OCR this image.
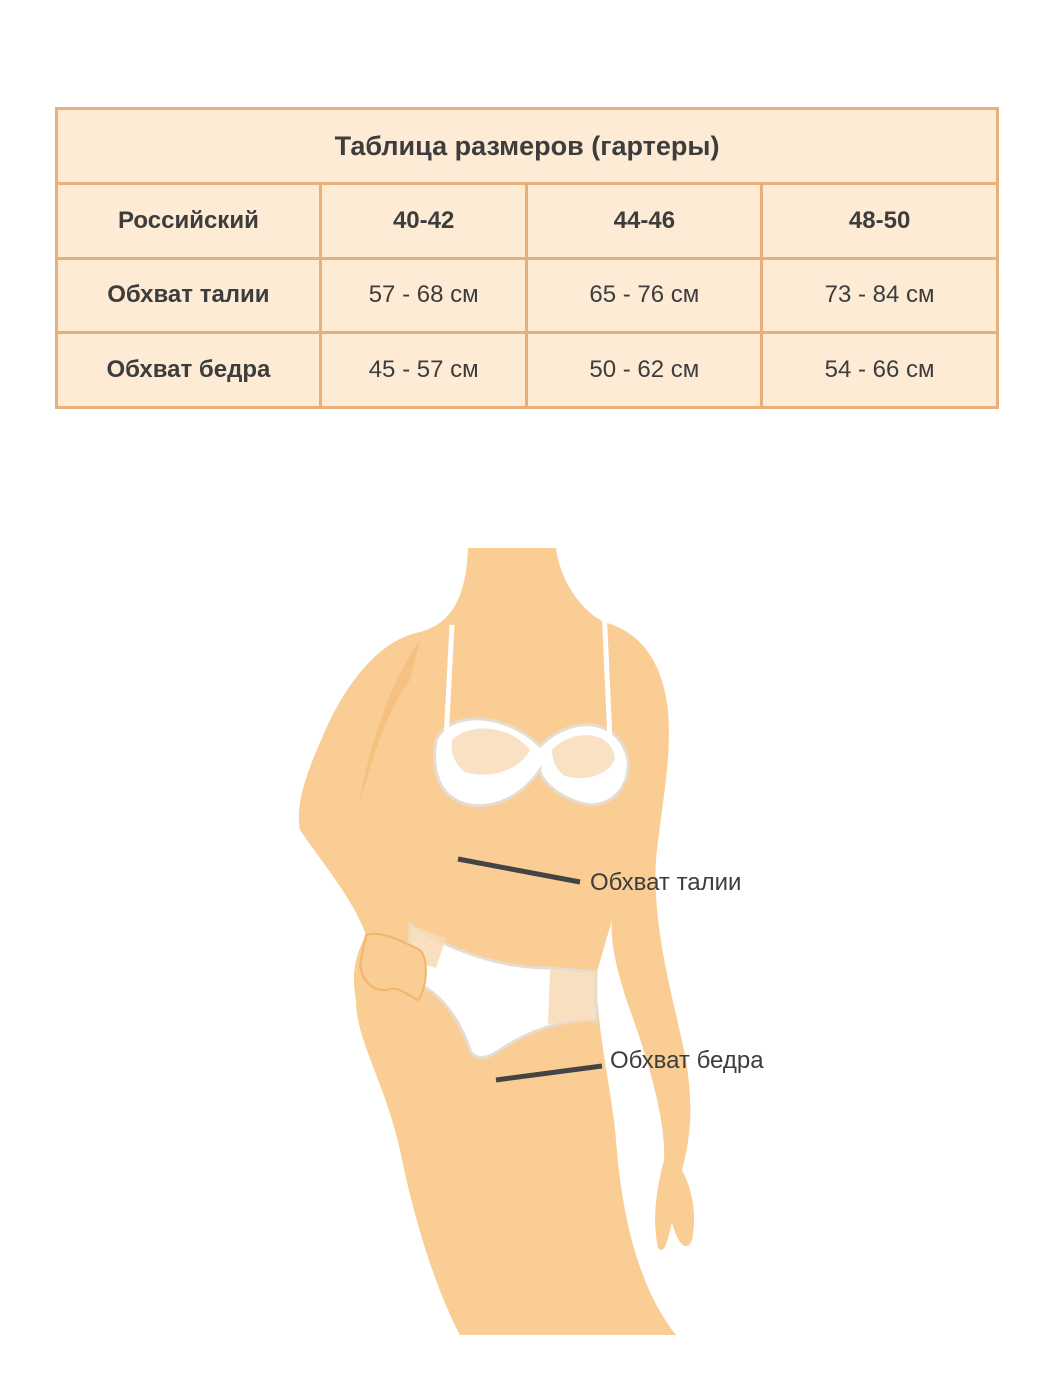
Таблица размеров (гартеры)			
Российский	40-42	44-46	48-50
Обхват талии	57 - 68 см	65 - 76 см	73 - 84 см
Обхват бедра	45 - 57 см	50 - 62 см	54 - 66 см
Обхват талии
Обхват бедра
